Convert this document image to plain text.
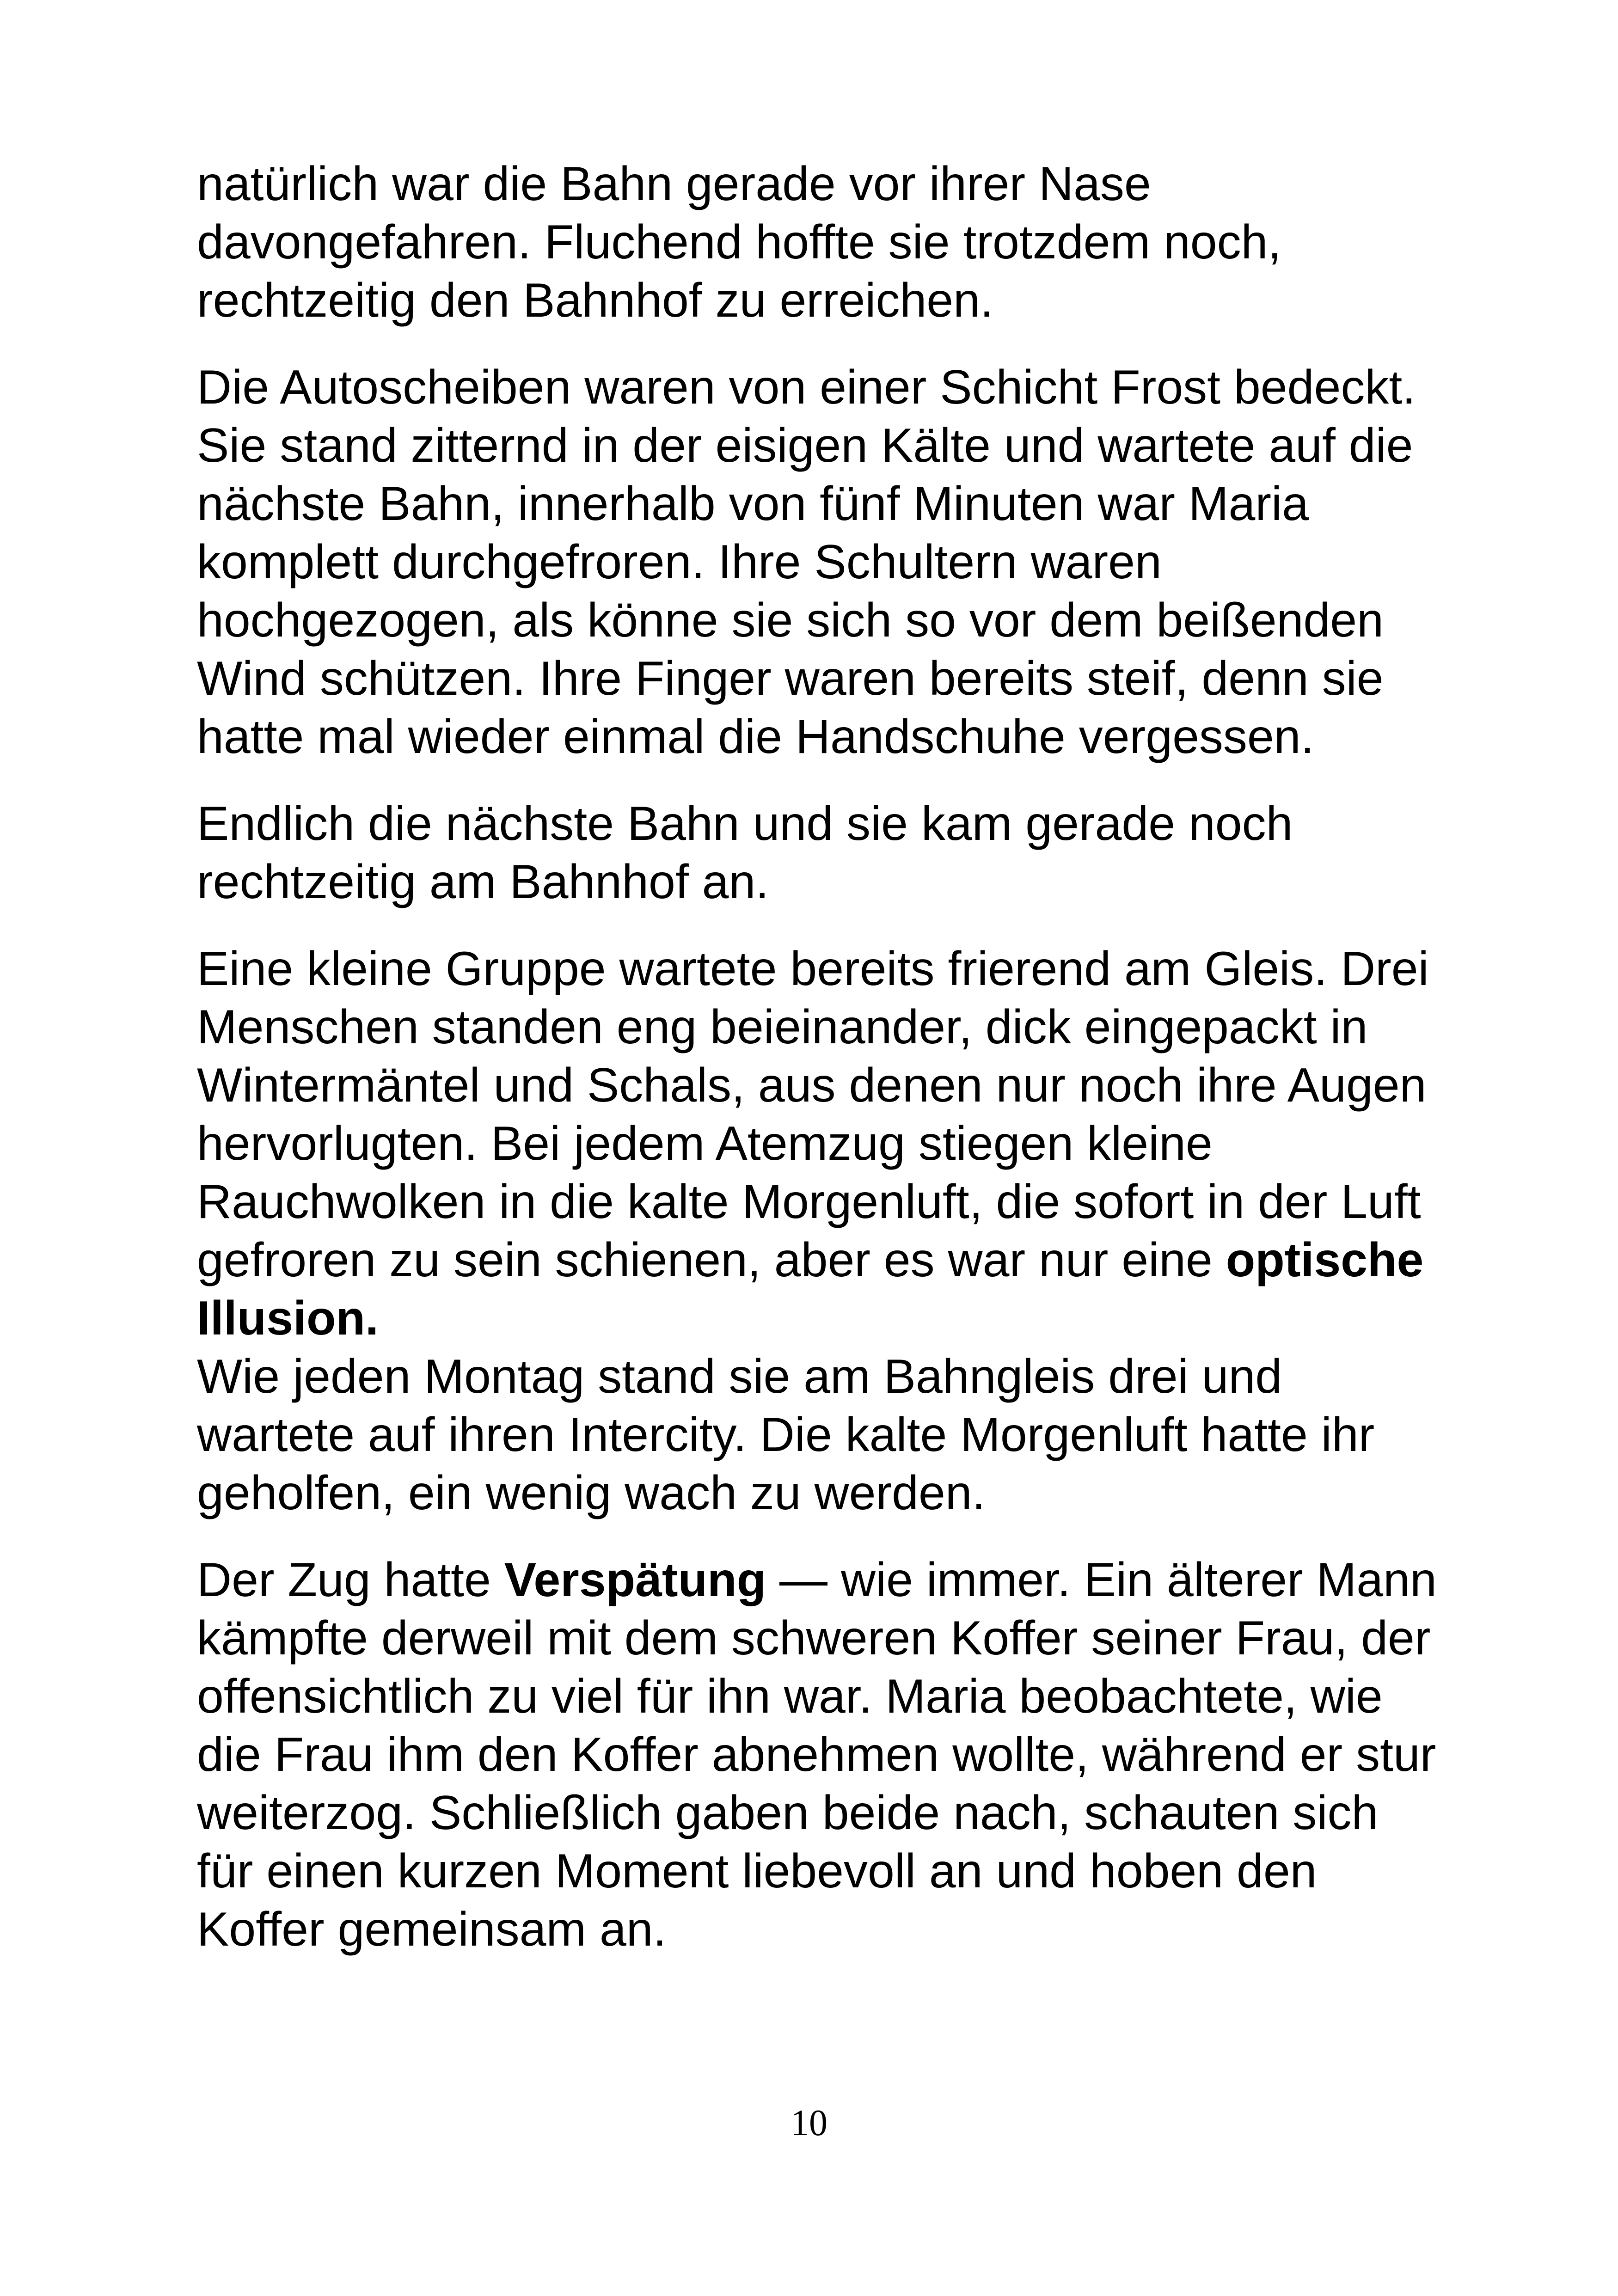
natürlich war die Bahn gerade vor ihrer Nase davongefahren. Fluchend hoffte sie trotzdem noch, rechtzeitig den Bahnhof zu erreichen.

Die Autoscheiben waren von einer Schicht Frost bedeckt. Sie stand zitternd in der eisigen Kälte und wartete auf die nächste Bahn, innerhalb von fünf Minuten war Maria komplett durchgefroren. Ihre Schultern waren hochgezogen, als könne sie sich so vor dem beißenden Wind schützen. Ihre Finger waren bereits steif, denn sie hatte mal wieder einmal die Handschuhe vergessen.

Endlich die nächste Bahn und sie kam gerade noch rechtzeitig am Bahnhof an.

Eine kleine Gruppe wartete bereits frierend am Gleis. Drei Menschen standen eng beieinander, dick eingepackt in Wintermäntel und Schals, aus denen nur noch ihre Augen hervorlugten. Bei jedem Atemzug stiegen kleine Rauchwolken in die kalte Morgenluft, die sofort in der Luft gefroren zu sein schienen, aber es war nur eine optische Illusion.

Wie jeden Montag stand sie am Bahngleis drei und wartete auf ihren Intercity. Die kalte Morgenluft hatte ihr geholfen, ein wenig wach zu werden.

Der Zug hatte Verspätung — wie immer. Ein älterer Mann kämpfte derweil mit dem schweren Koffer seiner Frau, der offensichtlich zu viel für ihn war. Maria beobachtete, wie die Frau ihm den Koffer abnehmen wollte, während er stur weiterzog. Schließlich gaben beide nach, schauten sich für einen kurzen Moment liebevoll an und hoben den Koffer gemeinsam an.

10
